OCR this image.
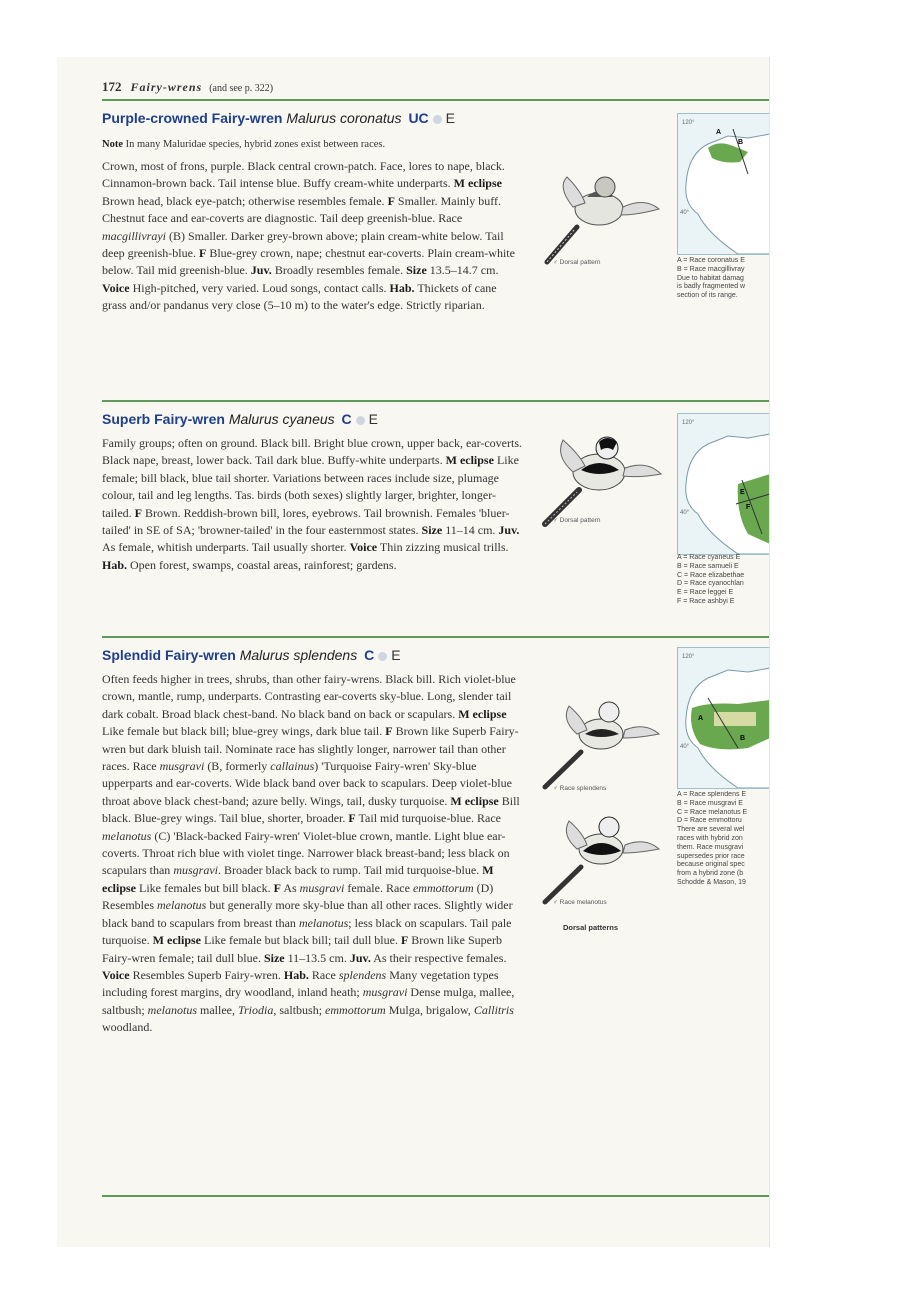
172 Fairy-wrens (and see p. 322)
Purple-crowned Fairy-wren Malurus coronatus UC E
Note In many Maluridae species, hybrid zones exist between races.
Crown, most of frons, purple. Black central crown-patch. Face, lores to nape, black. Cinnamon-brown back. Tail intense blue. Buffy cream-white underparts. M eclipse Brown head, black eye-patch; otherwise resembles female. F Smaller. Mainly buff. Chestnut face and ear-coverts are diagnostic. Tail deep greenish-blue. Race macgillivrayi (B) Smaller. Darker grey-brown above; plain cream-white below. Tail deep greenish-blue. F Blue-grey crown, nape; chestnut ear-coverts. Plain cream-white below. Tail mid greenish-blue. Juv. Broadly resembles female. Size 13.5–14.7 cm. Voice High-pitched, very varied. Loud songs, contact calls. Hab. Thickets of cane grass and/or pandanus very close (5–10 m) to the water's edge. Strictly riparian.
♂ Dorsal pattern
A
B
120°
40°
A = Race coronatus E
B = Race macgillivray
Due to habitat damag
is badly fragmented w
section of its range.
Superb Fairy-wren Malurus cyaneus C E
Family groups; often on ground. Black bill. Bright blue crown, upper back, ear-coverts. Black nape, breast, lower back. Tail dark blue. Buffy-white underparts. M eclipse Like female; bill black, blue tail shorter. Variations between races include size, plumage colour, tail and leg lengths. Tas. birds (both sexes) slightly larger, brighter, longer-tailed. F Brown. Reddish-brown bill, lores, eyebrows. Tail brownish. Females 'bluer-tailed' in SE of SA; 'browner-tailed' in the four easternmost states. Size 11–14 cm. Juv. As female, whitish underparts. Tail usually shorter. Voice Thin zizzing musical trills. Hab. Open forest, swamps, coastal areas, rainforest; gardens.
♂ Dorsal pattern
E
F
120°
40°
A = Race cyaneus E
B = Race samueli E
C = Race elizabethae
D = Race cyanochlan
E = Race leggei E
F = Race ashbyi E
Splendid Fairy-wren Malurus splendens C E
Often feeds higher in trees, shrubs, than other fairy-wrens. Black bill. Rich violet-blue crown, mantle, rump, underparts. Contrasting ear-coverts sky-blue. Long, slender tail dark cobalt. Broad black chest-band. No black band on back or scapulars. M eclipse Like female but black bill; blue-grey wings, dark blue tail. F Brown like Superb Fairy-wren but dark bluish tail. Nominate race has slightly longer, narrower tail than other races. Race musgravi (B, formerly callainus) 'Turquoise Fairy-wren' Sky-blue upperparts and ear-coverts. Wide black band over back to scapulars. Deep violet-blue throat above black chest-band; azure belly. Wings, tail, dusky turquoise. M eclipse Bill black. Blue-grey wings. Tail blue, shorter, broader. F Tail mid turquoise-blue. Race melanotus (C) 'Black-backed Fairy-wren' Violet-blue crown, mantle. Light blue ear-coverts. Throat rich blue with violet tinge. Narrower black breast-band; less black on scapulars than musgravi. Broader black back to rump. Tail mid turquoise-blue. M eclipse Like females but bill black. F As musgravi female. Race emmottorum (D) Resembles melanotus but generally more sky-blue than all other races. Slightly wider black band to scapulars from breast than melanotus; less black on scapulars. Tail pale turquoise. M eclipse Like female but black bill; tail dull blue. F Brown like Superb Fairy-wren female; tail dull blue. Size 11–13.5 cm. Juv. As their respective females. Voice Resembles Superb Fairy-wren. Hab. Race splendens Many vegetation types including forest margins, dry woodland, inland heath; musgravi Dense mulga, mallee, saltbush; melanotus mallee, Triodia, saltbush; emmottorum Mulga, brigalow, Callitris woodland.
♂ Race splendens
♂ Race melanotus
Dorsal patterns
A
B
120°
40°
A = Race splendens E
B = Race musgravi E
C = Race melanotus E
D = Race emmottoru
There are several wel
races with hybrid zon
them. Race musgravi
supersedes prior race
because original spec
from a hybrid zone (b
Schodde & Mason, 19
